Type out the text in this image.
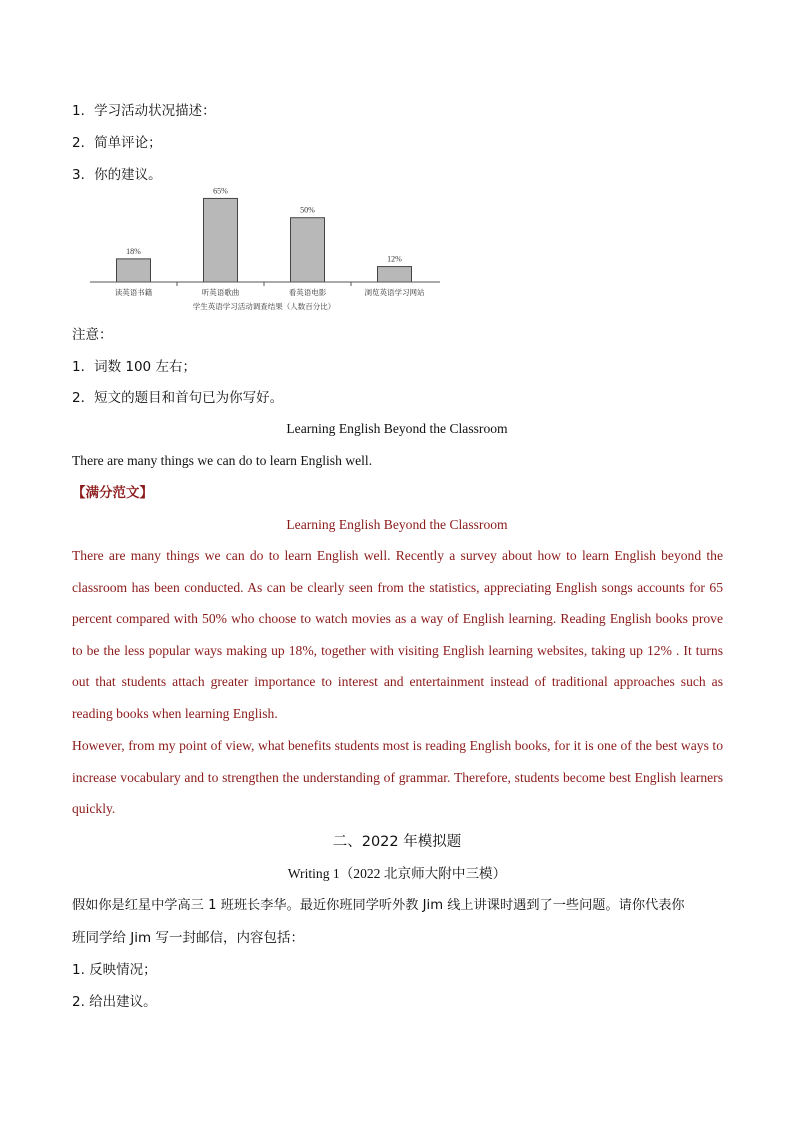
1．学习活动状况描述：
2．简单评论；
3．你的建议。
18%
65%
50%
12%
读英语书籍	听英语歌曲	看英语电影	浏览英语学习网站
学生英语学习活动调查结果（人数百分比）
注意：
1．词数 100 左右；
2．短文的题目和首句已为你写好。
Learning English Beyond the Classroom
There are many things we can do to learn English well.
【满分范文】
Learning English Beyond the Classroom

There are many things we can do to learn English well. Recently a survey about how to learn English beyond the classroom has been conducted. As can be clearly seen from the statistics, appreciating English songs accounts for 65 percent compared with 50% who choose to watch movies as a way of English learning. Reading English books prove to be the less popular ways making up 18%, together with visiting English learning websites, taking up 12% . It turns out that students attach greater importance to interest and entertainment instead of traditional approaches such as reading books when learning English.

However, from my point of view, what benefits students most is reading English books, for it is one of the best ways to increase vocabulary and to strengthen the understanding of grammar. Therefore, students become best English learners quickly.

二、2022 年模拟题
Writing 1（2022 北京师大附中三模）
假如你是红星中学高三 1 班班长李华。最近你班同学听外教 Jim 线上讲课时遇到了一些问题。请你代表你
班同学给 Jim 写一封邮信，内容包括：
1. 反映情况；
2. 给出建议。
